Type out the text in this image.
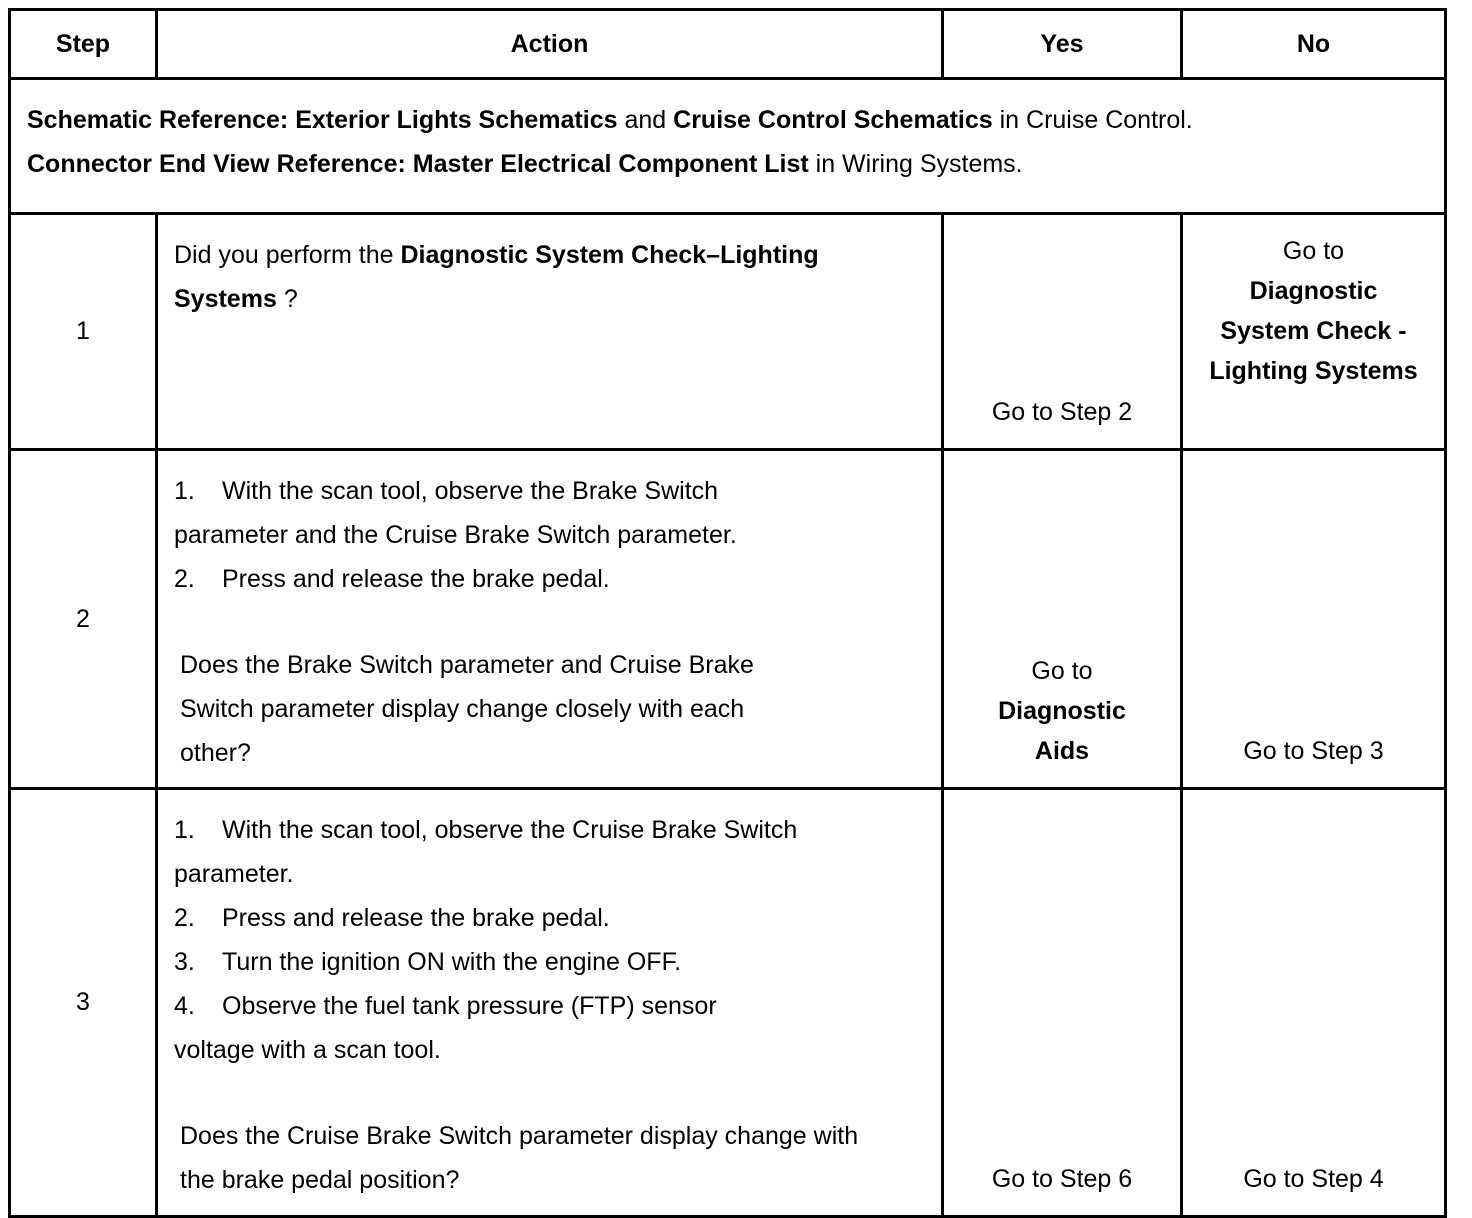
Step	Action	Yes	No

Schematic Reference: Exterior Lights Schematics and Cruise Control Schematics in Cruise Control.
Connector End View Reference: Master Electrical Component List in Wiring Systems.			

1	Did you perform the Diagnostic System Check–Lighting Systems ?	Go to Step 2	Go to
Diagnostic System Check - Lighting Systems

2	1. With the scan tool, observe the Brake Switch parameter and the Cruise Brake Switch parameter.
2. Press and release the brake pedal.
Does the Brake Switch parameter and Cruise Brake Switch parameter display change closely with each other?	Go to
Diagnostic Aids	Go to Step 3
3	1. With the scan tool, observe the Cruise Brake Switch parameter.
2. Press and release the brake pedal.
3. Turn the ignition ON with the engine OFF.
4. Observe the fuel tank pressure (FTP) sensor voltage with a scan tool.
Does the Cruise Brake Switch parameter display change with the brake pedal position?	Go to Step 6	Go to Step 4
